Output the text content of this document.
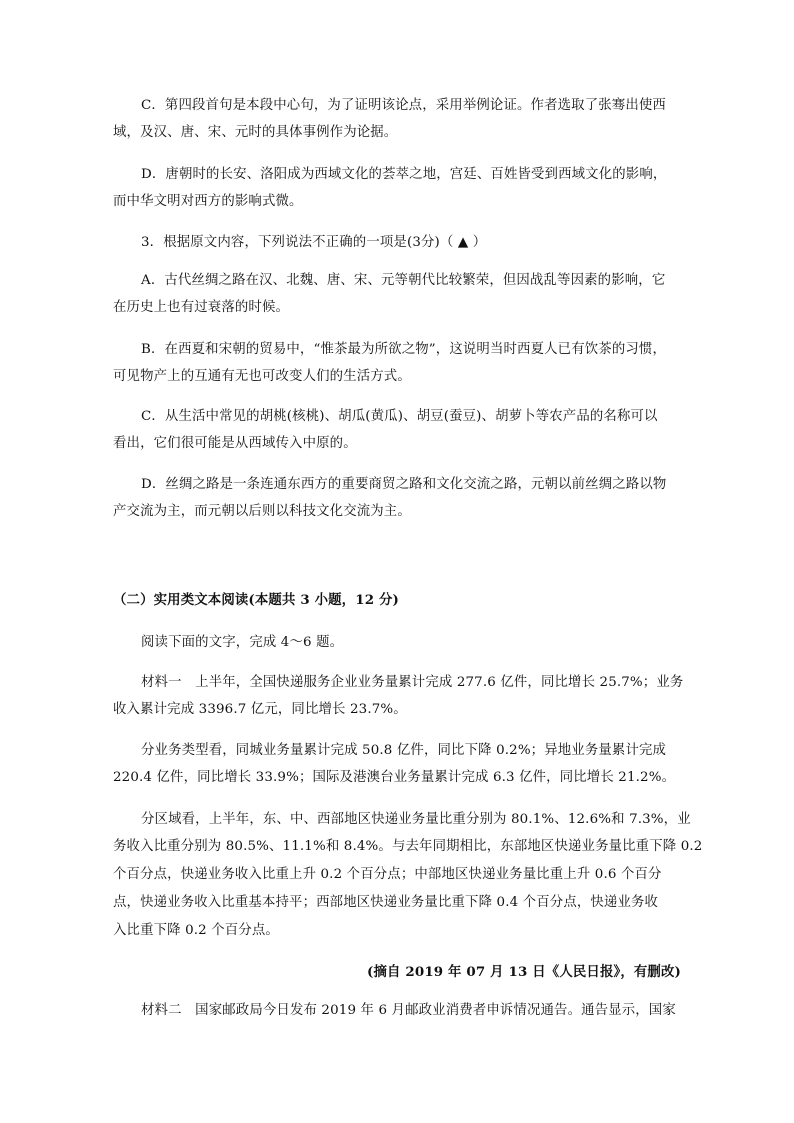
C．第四段首句是本段中心句，为了证明该论点，采用举例论证。作者选取了张骞出使西
域，及汉、唐、宋、元时的具体事例作为论据。
D．唐朝时的长安、洛阳成为西域文化的荟萃之地，宫廷、百姓皆受到西域文化的影响，
而中华文明对西方的影响式微。
3．根据原文内容，下列说法不正确的一项是(3分)（ ▲ ）
A．古代丝绸之路在汉、北魏、唐、宋、元等朝代比较繁荣，但因战乱等因素的影响，它
在历史上也有过衰落的时候。
B．在西夏和宋朝的贸易中，“惟茶最为所欲之物”，这说明当时西夏人已有饮茶的习惯，
可见物产上的互通有无也可改变人们的生活方式。
C．从生活中常见的胡桃(核桃)、胡瓜(黄瓜)、胡豆(蚕豆)、胡萝卜等农产品的名称可以
看出，它们很可能是从西域传入中原的。
D．丝绸之路是一条连通东西方的重要商贸之路和文化交流之路，元朝以前丝绸之路以物
产交流为主，而元朝以后则以科技文化交流为主。
（二）实用类文本阅读(本题共 3 小题，12 分)
阅读下面的文字，完成 4～6 题。
材料一　上半年，全国快递服务企业业务量累计完成 277.6 亿件，同比增长 25.7%；业务
收入累计完成 3396.7 亿元，同比增长 23.7%。
分业务类型看，同城业务量累计完成 50.8 亿件，同比下降 0.2%；异地业务量累计完成
220.4 亿件，同比增长 33.9%；国际及港澳台业务量累计完成 6.3 亿件，同比增长 21.2%。
分区域看，上半年，东、中、西部地区快递业务量比重分别为 80.1%、12.6%和 7.3%，业
务收入比重分别为 80.5%、11.1%和 8.4%。与去年同期相比，东部地区快递业务量比重下降 0.2
个百分点，快递业务收入比重上升 0.2 个百分点；中部地区快递业务量比重上升 0.6 个百分
点，快递业务收入比重基本持平；西部地区快递业务量比重下降 0.4 个百分点，快递业务收
入比重下降 0.2 个百分点。
(摘自 2019 年 07 月 13 日《人民日报》，有删改)
材料二　国家邮政局今日发布 2019 年 6 月邮政业消费者申诉情况通告。通告显示，国家
